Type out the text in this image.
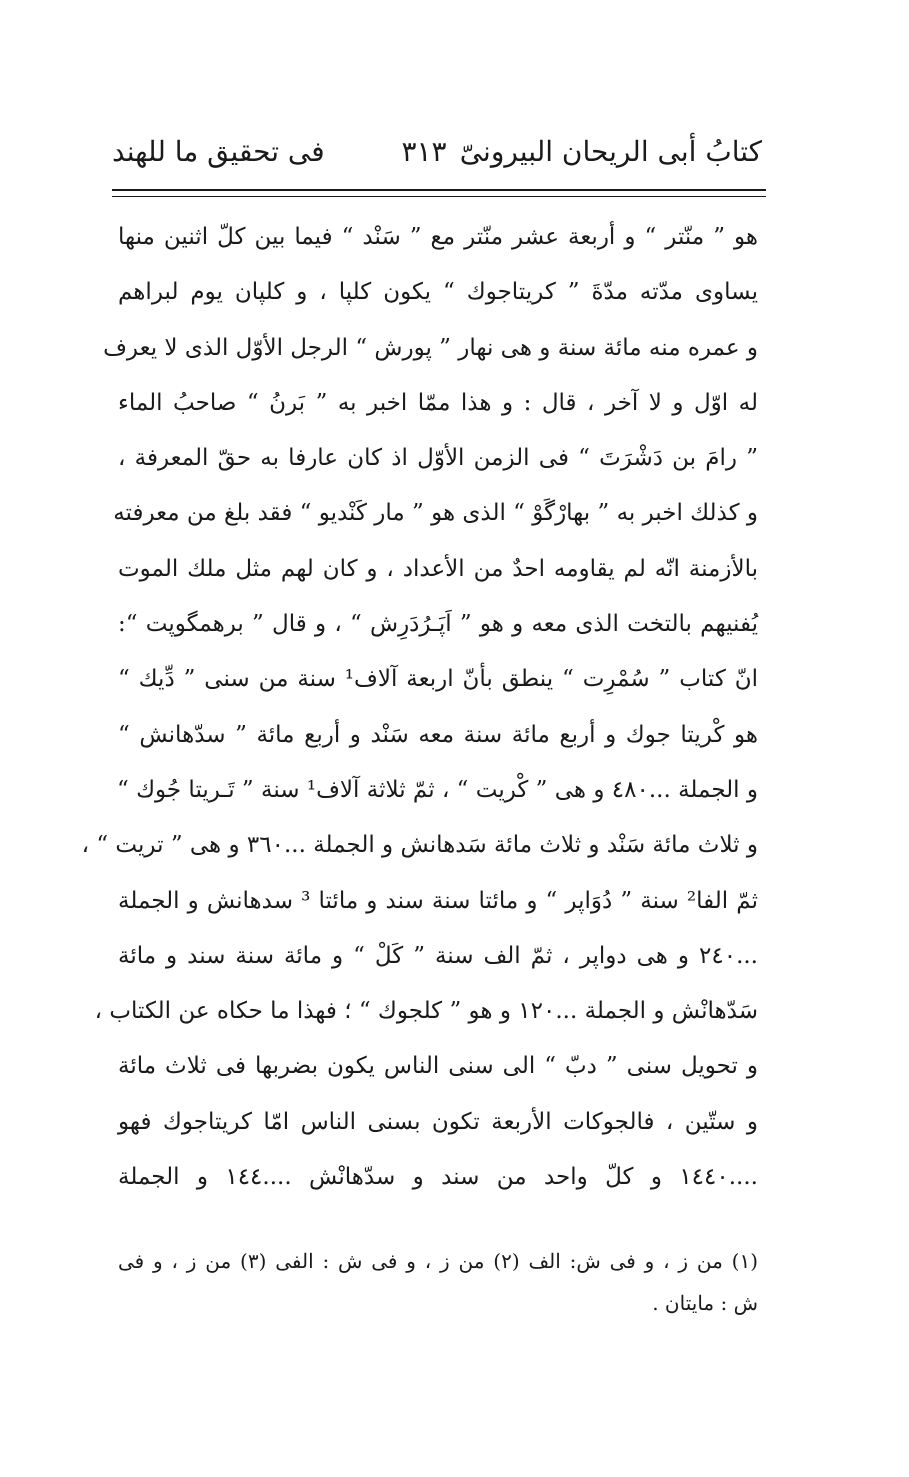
كتابُ أبى الريحان البيرونىّ
٣١٣
فى تحقيق ما للهند
هو ” منّتر “ و أربعة عشر منّتر مع ” سَنْد “ فيما بين كلّ اثنين منها
يساوى مدّته مدّةَ ” كريتاجوك “ يكون كلپا ، و كلپان يوم لبراهم
و عمره منه مائة سنة و هى نهار ” پورش “ الرجل الأوّل الذى لا يعرف
له اوّل و لا آخر ، قال : و هذا ممّا اخبر به ” بَرنُ “ صاحبُ الماء
” رامَ بن دَشْرَتَ “ فى الزمن الأوّل اذ كان عارفا به حقّ المعرفة ،
و كذلك اخبر به ” بهارْگَوْ “ الذى هو ” مار كَنْديو “ فقد بلغ من معرفته
بالأزمنة انّه لم يقاومه احدٌ من الأعداد ، و كان لهم مثل ملك الموت
يُفنيهم بالتخت الذى معه و هو ” اَپَـرُدَرِش “ ، و قال ” برهمگوپت “:
انّ كتاب ” سُمْرِت “ ينطق بأنّ اربعة آلاف¹ سنة من سنى ” دِّيك “
هو كْريتا جوك و أربع مائة سنة معه سَنْد و أربع مائة ” سدّهانش “
و الجملة ...٤٨٠ و هى ” كْريت “ ، ثمّ ثلاثة آلاف¹ سنة ” تَـريتا جُوك “
و ثلاث مائة سَنْد و ثلاث مائة سَدهانش و الجملة ...٣٦٠ و هى ” تريت “ ،
ثمّ الفا² سنة ” دُوَاپر “ و مائتا سنة سند و مائتا ³ سدهانش و الجملة
...٢٤٠ و هى دواپر ، ثمّ الف سنة ” كَلْ “ و مائة سنة سند و مائة
سَدّهانْش و الجملة ...١٢٠ و هو ” كلجوك “ ؛ فهذا ما حكاه عن الكتاب ،
و تحويل سنى ” دبّ “ الى سنى الناس يكون بضربها فى ثلاث مائة
و ستّين ، فالجوكات الأربعة تكون بسنى الناس امّا كريتاجوك فهو
....١٤٤٠ و كلّ واحد من سند و سدّهانْش ....١٤٤ و الجملة
(١) من ز ، و فى ش: الف (٢) من ز ، و فى ش : الفى (٣) من ز ، و فى
ش : مايتان .
